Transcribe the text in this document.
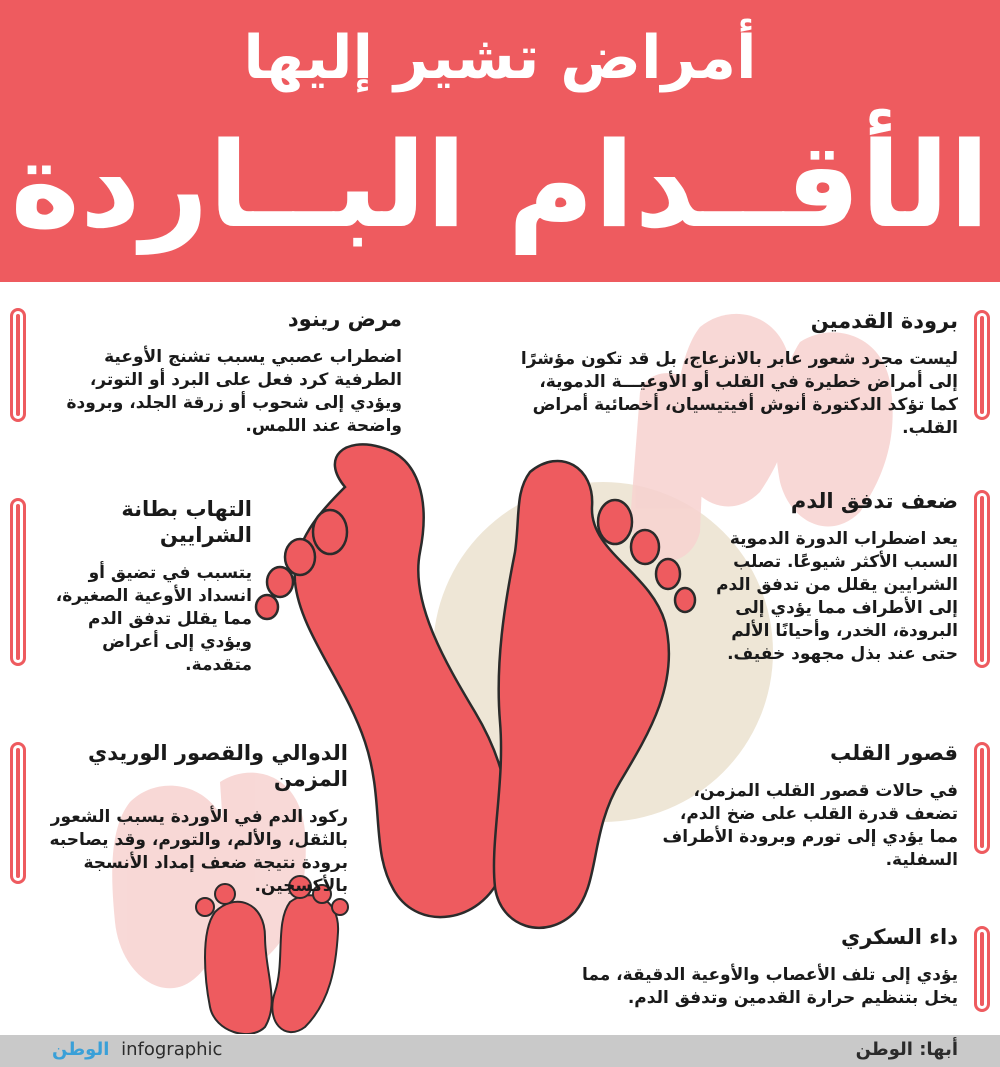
أمراض تشير إليها
الأقــدام البــاردة
برودة القدمين
ليست مجرد شعور عابر بالانزعاج، بل قد تكون مؤشرًا إلى أمراض خطيرة في القلب أو الأوعيـــة الدموية، كما تؤكد الدكتورة أنوش أفيتيسيان، أخصائية أمراض القلب.
ضعف تدفق الدم
يعد اضطراب الدورة الدموية السبب الأكثر شيوعًا. تصلب الشرايين يقلل من تدفق الدم إلى الأطراف مما يؤدي إلى البرودة، الخدر، وأحيانًا الألم حتى عند بذل مجهود خفيف.
قصور القلب
في حالات قصور القلب المزمن، تضعف قدرة القلب على ضخ الدم، مما يؤدي إلى تورم وبرودة الأطراف السفلية.
داء السكري
يؤدي إلى تلف الأعصاب والأوعية الدقيقة، مما يخل بتنظيم حرارة القدمين وتدفق الدم.
مرض رينود
اضطراب عصبي يسبب تشنج الأوعية الطرفية كرد فعل على البرد أو التوتر، ويؤدي إلى شحوب أو زرقة الجلد، وبرودة واضحة عند اللمس.
التهاب بطانة الشرايين
يتسبب في تضيق أو انسداد الأوعية الصغيرة، مما يقلل تدفق الدم ويؤدي إلى أعراض متقدمة.
الدوالي والقصور الوريدي المزمن
ركود الدم في الأوردة يسبب الشعور بالثقل، والألم، والتورم، وقد يصاحبه برودة نتيجة ضعف إمداد الأنسجة بالأكسجين.
الوطن infographic	أبها: الوطن
